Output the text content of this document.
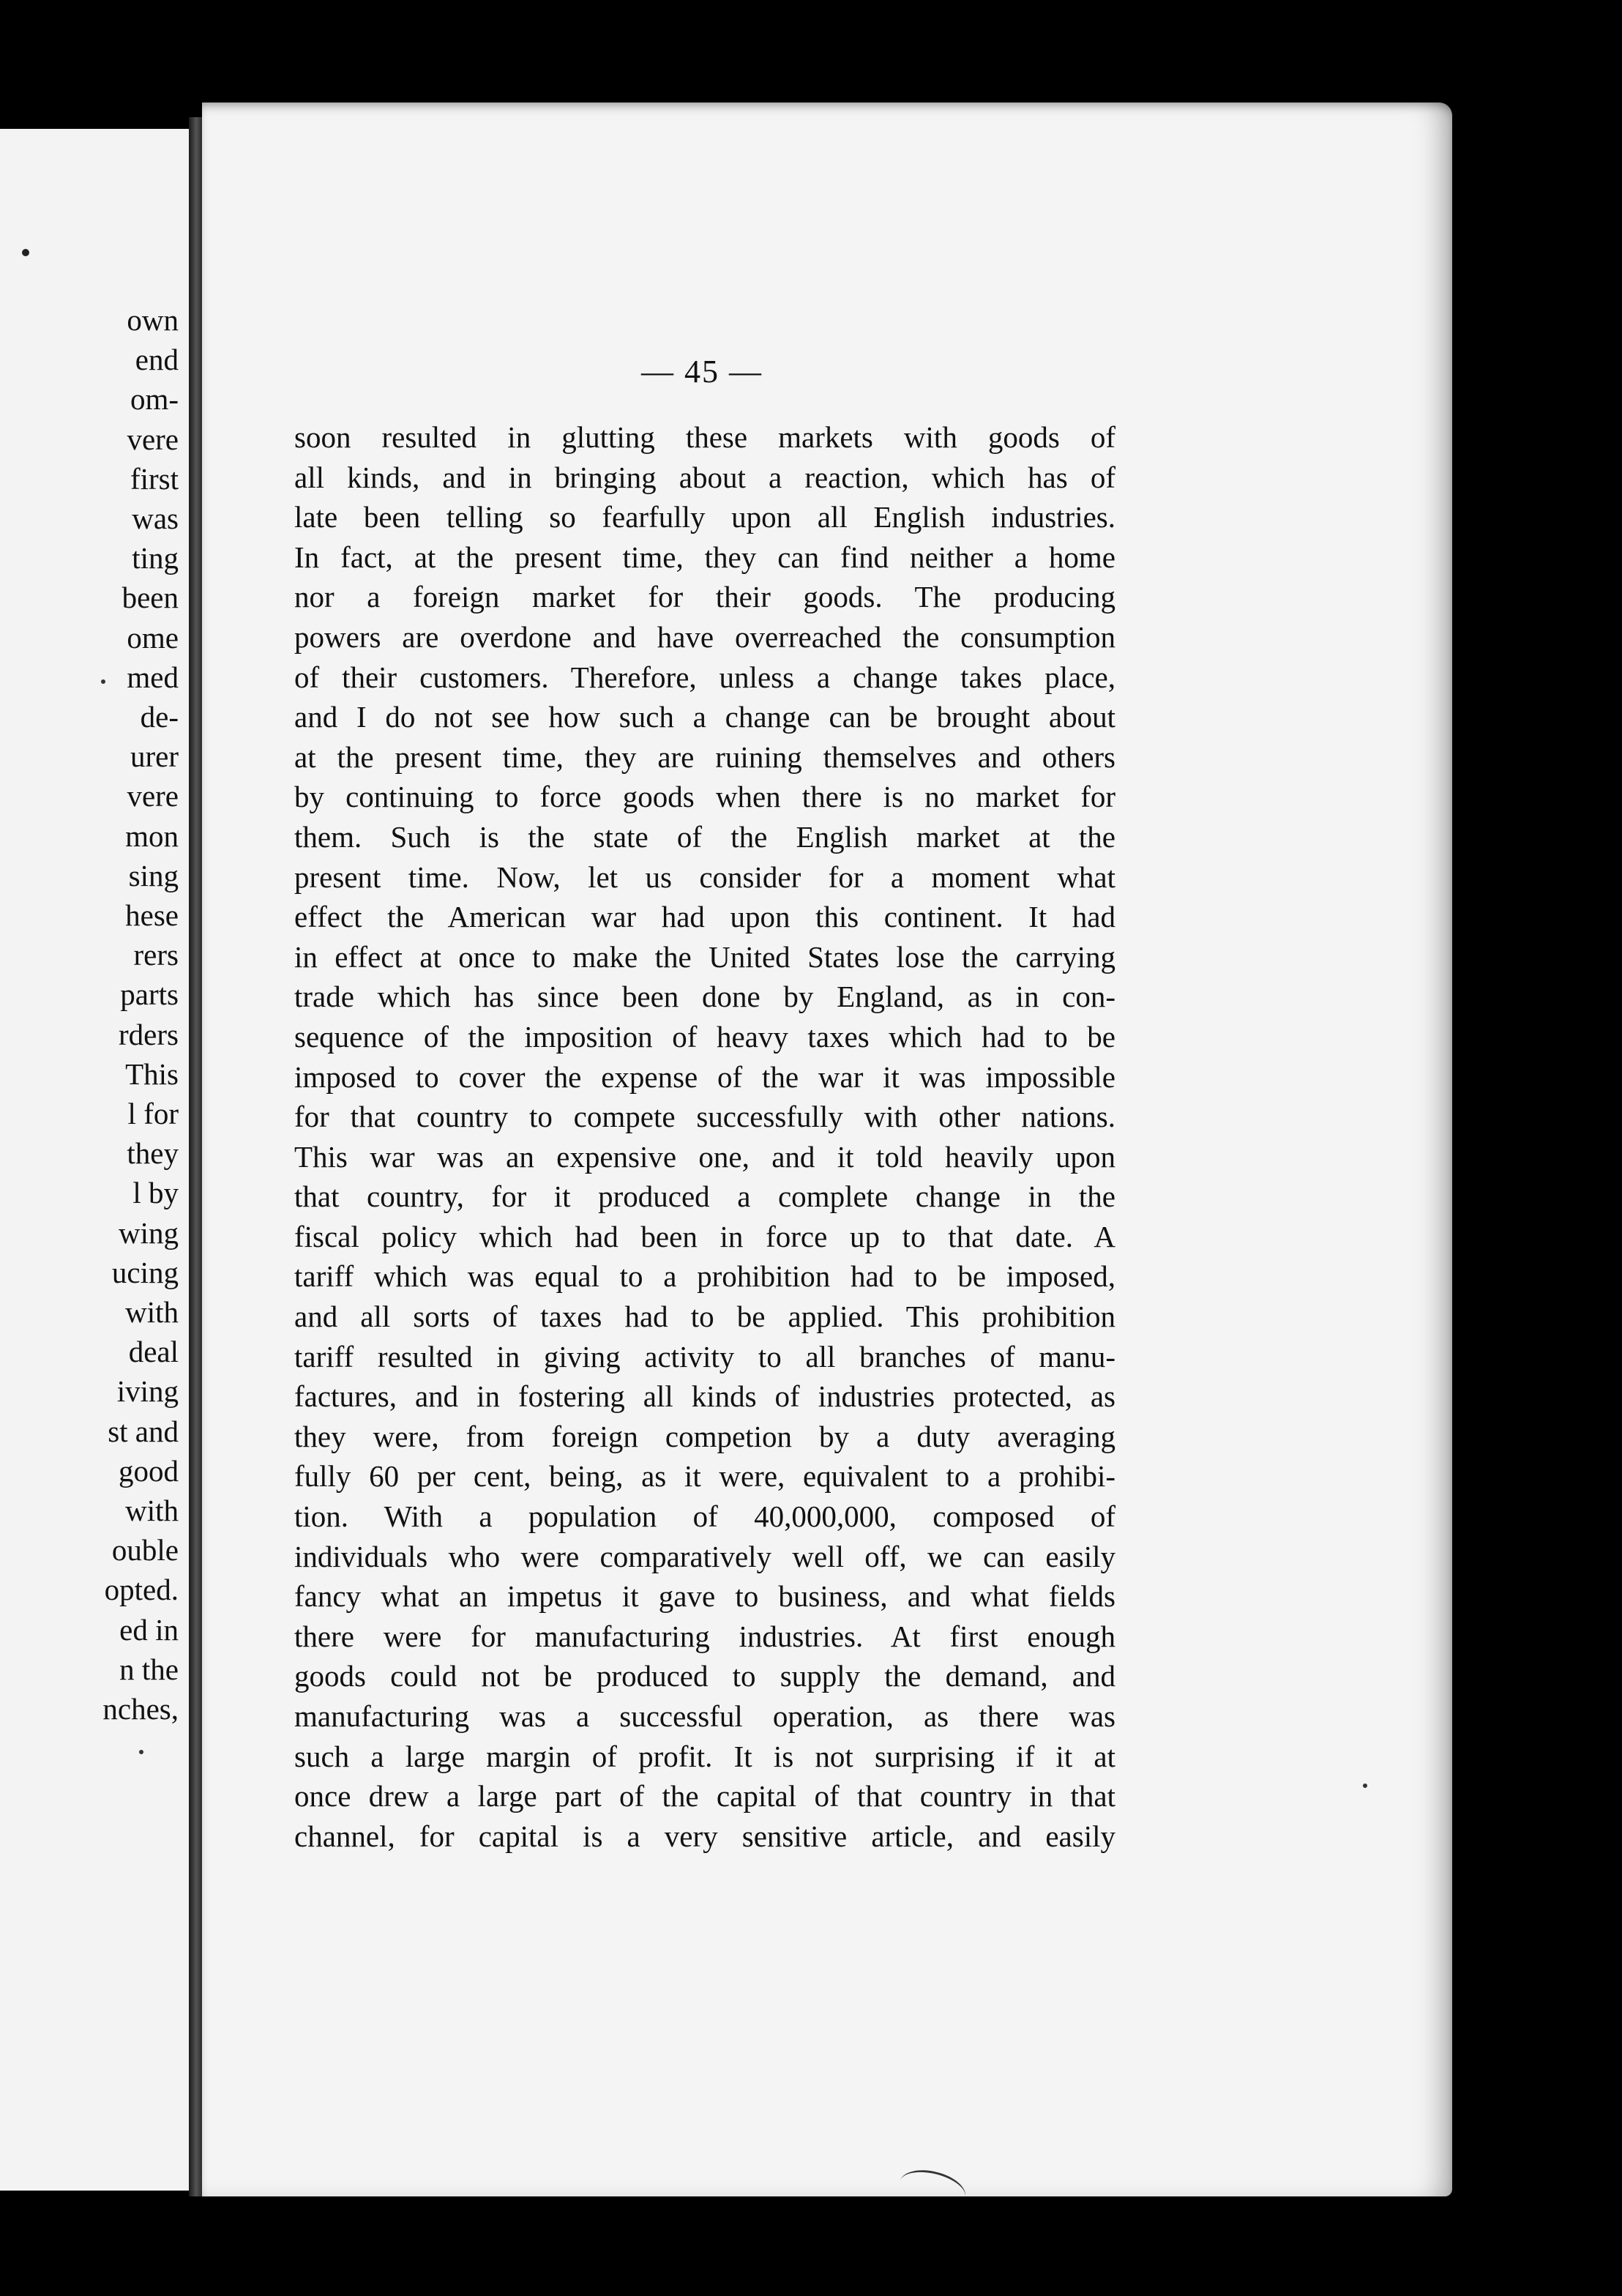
own
end
om-
vere
first
was
ting
been
ome
med
de-
urer
vere
mon
sing
hese
rers
parts
rders
This
l for
they
l by
wing
ucing
with
deal
iving
st and
good
with
ouble
opted.
ed in
n the
nches,
— 45 —
soon resulted in glutting these markets with goods of
all kinds, and in bringing about a reaction, which has of
late been telling so fearfully upon all English industries.
In fact, at the present time, they can find neither a home
nor a foreign market for their goods. The producing
powers are overdone and have overreached the consumption
of their customers. Therefore, unless a change takes place,
and I do not see how such a change can be brought about
at the present time, they are ruining themselves and others
by continuing to force goods when there is no market for
them. Such is the state of the English market at the
present time. Now, let us consider for a moment what
effect the American war had upon this continent. It had
in effect at once to make the United States lose the carrying
trade which has since been done by England, as in con-
sequence of the imposition of heavy taxes which had to be
imposed to cover the expense of the war it was impossible
for that country to compete successfully with other nations.
This war was an expensive one, and it told heavily upon
that country, for it produced a complete change in the
fiscal policy which had been in force up to that date. A
tariff which was equal to a prohibition had to be imposed,
and all sorts of taxes had to be applied. This prohibition
tariff resulted in giving activity to all branches of manu-
factures, and in fostering all kinds of industries protected, as
they were, from foreign competion by a duty averaging
fully 60 per cent, being, as it were, equivalent to a prohibi-
tion. With a population of 40,000,000, composed of
individuals who were comparatively well off, we can easily
fancy what an impetus it gave to business, and what fields
there were for manufacturing industries. At first enough
goods could not be produced to supply the demand, and
manufacturing was a successful operation, as there was
such a large margin of profit. It is not surprising if it at
once drew a large part of the capital of that country in that
channel, for capital is a very sensitive article, and easily
